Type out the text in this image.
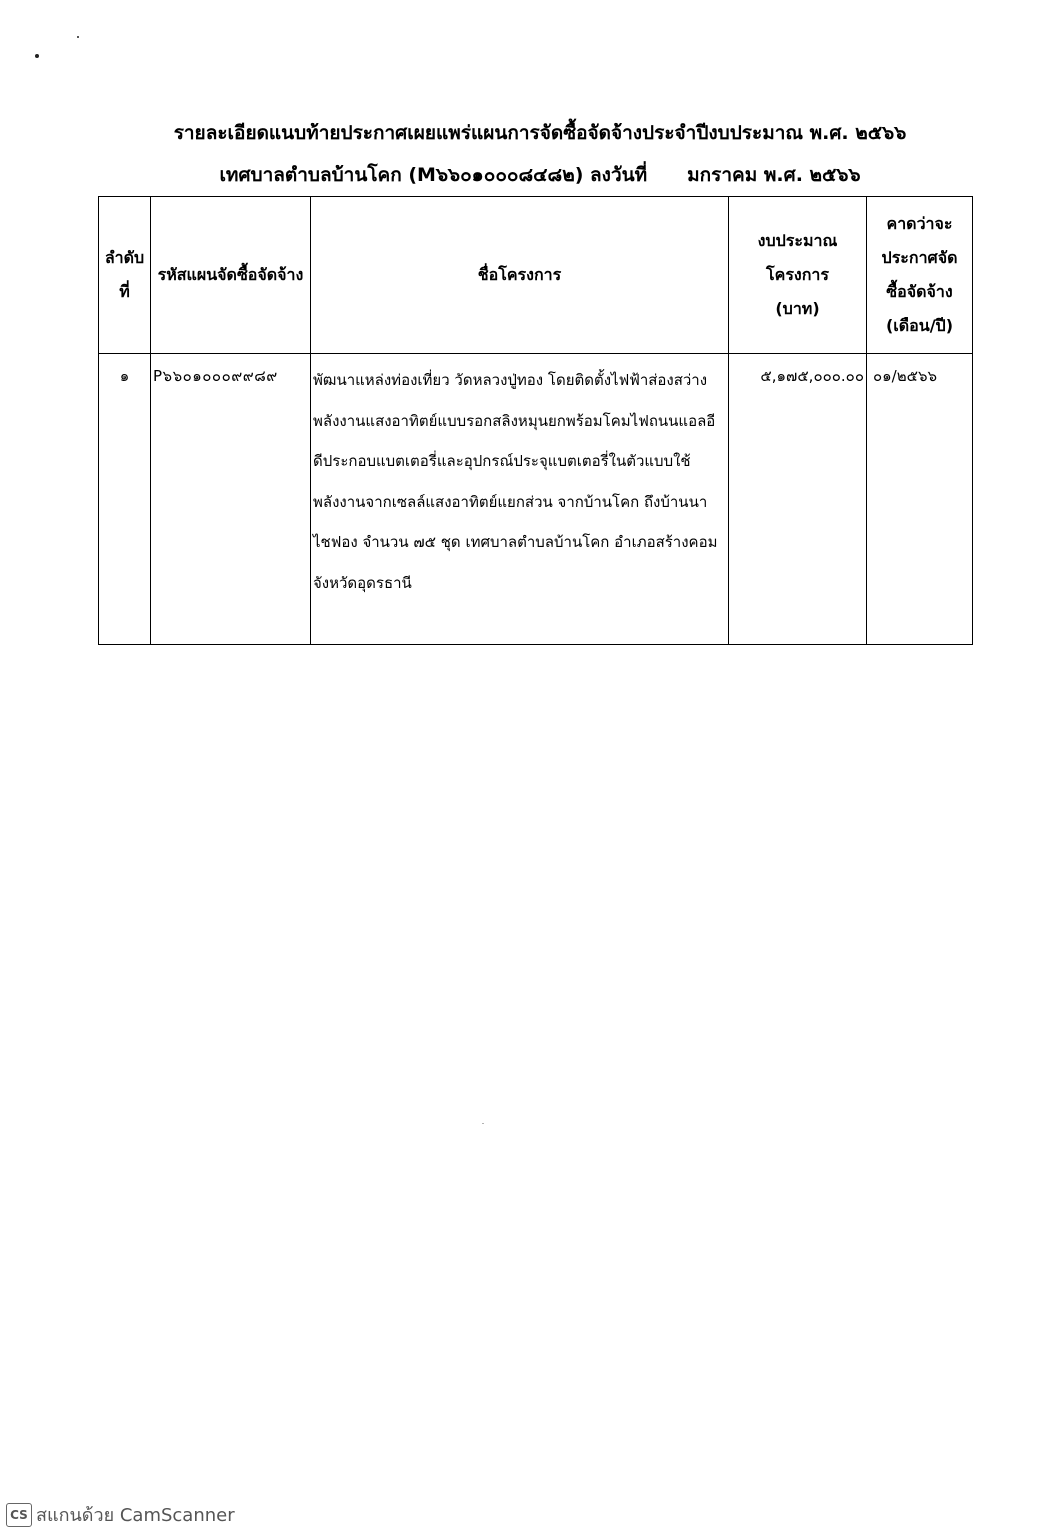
รายละเอียดแนบท้ายประกาศเผยแพร่แผนการจัดซื้อจัดจ้างประจำปีงบประมาณ พ.ศ. ๒๕๖๖
เทศบาลตำบลบ้านโคก (M๖๖๐๑๐๐๐๘๔๘๒) ลงวันที่ มกราคม พ.ศ. ๒๕๖๖
ลำดับที่	รหัสแผนจัดซื้อจัดจ้าง	ชื่อโครงการ	งบประมาณโครงการ (บาท)	คาดว่าจะประกาศจัดซื้อจัดจ้าง (เดือน/ปี)

๑	P๖๖๐๑๐๐๐๙๙๘๙	พัฒนาแหล่งท่องเที่ยว วัดหลวงปู่ทอง โดยติดตั้งไฟฟ้าส่องสว่างพลังงานแสงอาทิตย์แบบรอกสลิงหมุนยกพร้อมโคมไฟถนนแอลอีดีประกอบแบตเตอรี่และอุปกรณ์ประจุแบตเตอรี่ในตัวแบบใช้พลังงานจากเซลล์แสงอาทิตย์แยกส่วน จากบ้านโคก ถึงบ้านนาไชฟอง จำนวน ๗๕ ชุด เทศบาลตำบลบ้านโคก อำเภอสร้างคอม จังหวัดอุดรธานี	๕,๑๗๕,๐๐๐.๐๐	๐๑/๒๕๖๖
CS สแกนด้วย CamScanner
